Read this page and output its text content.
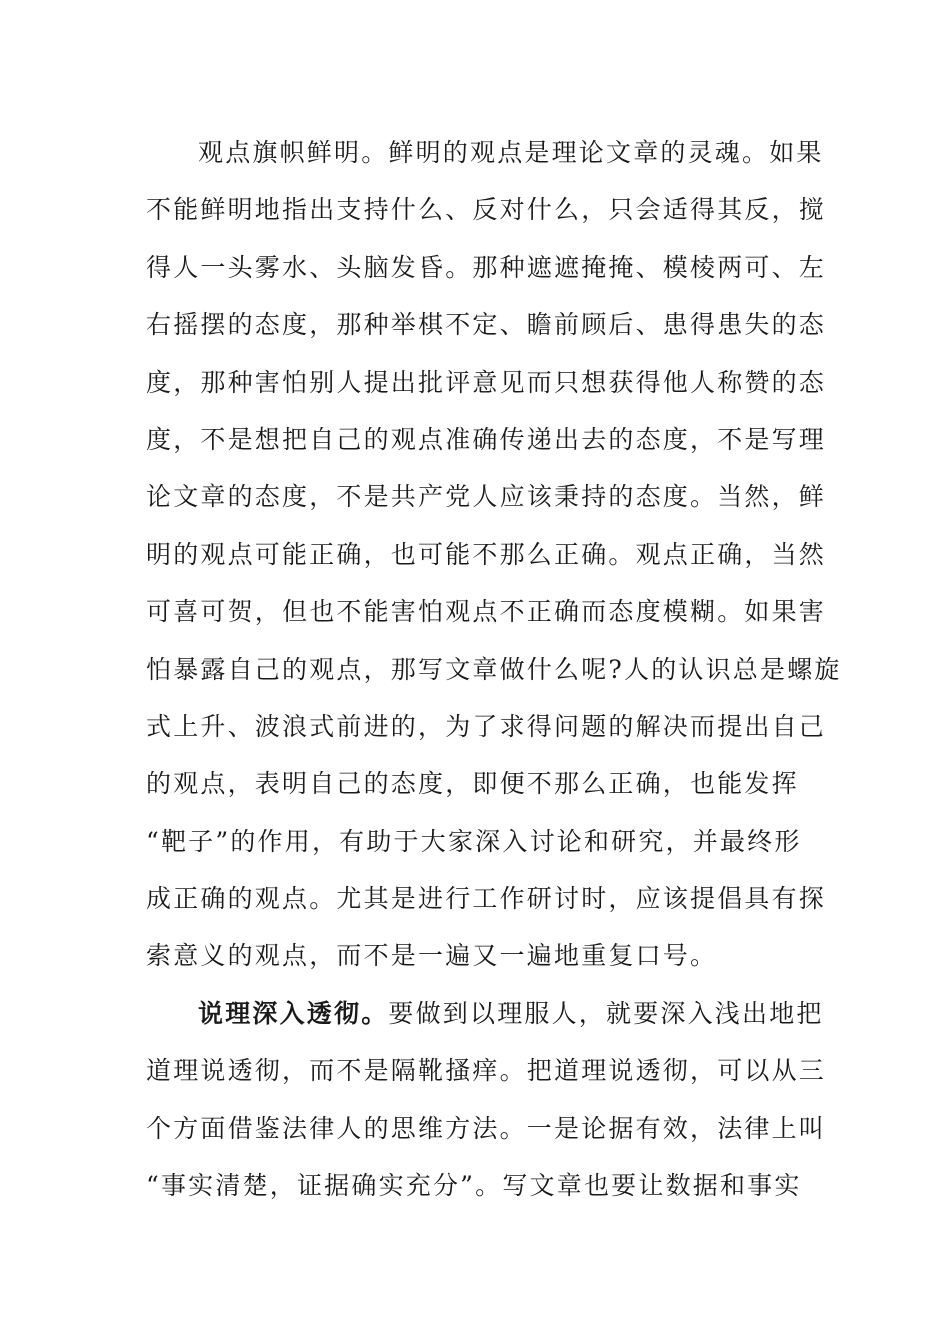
观点旗帜鲜明。鲜明的观点是理论文章的灵魂。如果
不能鲜明地指出支持什么、反对什么，只会适得其反，搅
得人一头雾水、头脑发昏。那种遮遮掩掩、模棱两可、左
右摇摆的态度，那种举棋不定、瞻前顾后、患得患失的态
度，那种害怕别人提出批评意见而只想获得他人称赞的态
度，不是想把自己的观点准确传递出去的态度，不是写理
论文章的态度，不是共产党人应该秉持的态度。当然，鲜
明的观点可能正确，也可能不那么正确。观点正确，当然
可喜可贺，但也不能害怕观点不正确而态度模糊。如果害
怕暴露自己的观点，那写文章做什么呢?人的认识总是螺旋
式上升、波浪式前进的，为了求得问题的解决而提出自己
的观点，表明自己的态度，即便不那么正确，也能发挥
“靶子”的作用，有助于大家深入讨论和研究，并最终形
成正确的观点。尤其是进行工作研讨时，应该提倡具有探
索意义的观点，而不是一遍又一遍地重复口号。
说理深入透彻。要做到以理服人，就要深入浅出地把
道理说透彻，而不是隔靴搔痒。把道理说透彻，可以从三
个方面借鉴法律人的思维方法。一是论据有效，法律上叫
“事实清楚，证据确实充分”。写文章也要让数据和事实
